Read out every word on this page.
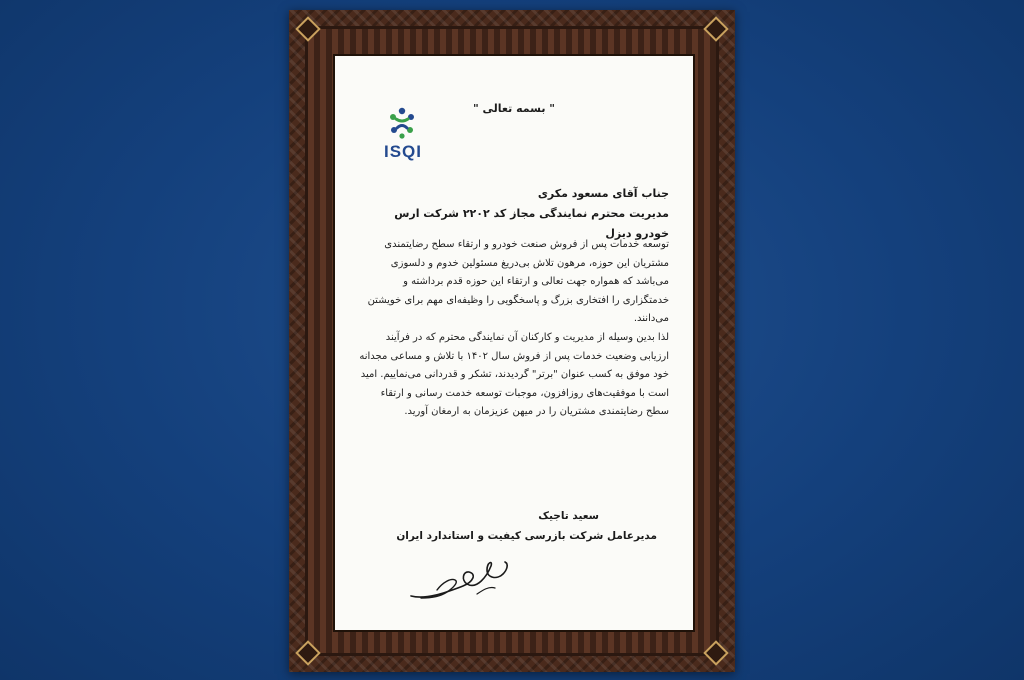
" بسمه تعالی "
ISQI
جناب آقای مسعود مکری
مدیریت محترم نمایندگی مجاز کد ۲۲۰۲ شرکت ارس خودرو دیزل

توسعه خدمات پس از فروش صنعت خودرو و ارتقاء سطح رضایتمندی مشتریان این حوزه، مرهون تلاش بی‌دریغ مسئولین خدوم و دلسوزی می‌باشد که همواره جهت تعالی و ارتقاء این حوزه قدم برداشته و خدمتگزاری را افتخاری بزرگ و پاسخگویی را وظیفه‌ای مهم برای خویشتن می‌دانند.

لذا بدین وسیله از مدیریت و کارکنان آن نمایندگی محترم که در فرآیند ارزیابی وضعیت خدمات پس از فروش سال ۱۴۰۲ با تلاش و مساعی مجدانه خود موفق به کسب عنوان "برتر" گردیدند، تشکر و قدردانی می‌نماییم. امید است با موفقیت‌های روزافزون، موجبات توسعه خدمت رسانی و ارتقاء سطح رضایتمندی مشتریان را در میهن عزیزمان به ارمغان آورید.

سعید تاجیک
مدیرعامل شرکت بازرسی کیفیت و استاندارد ایران
